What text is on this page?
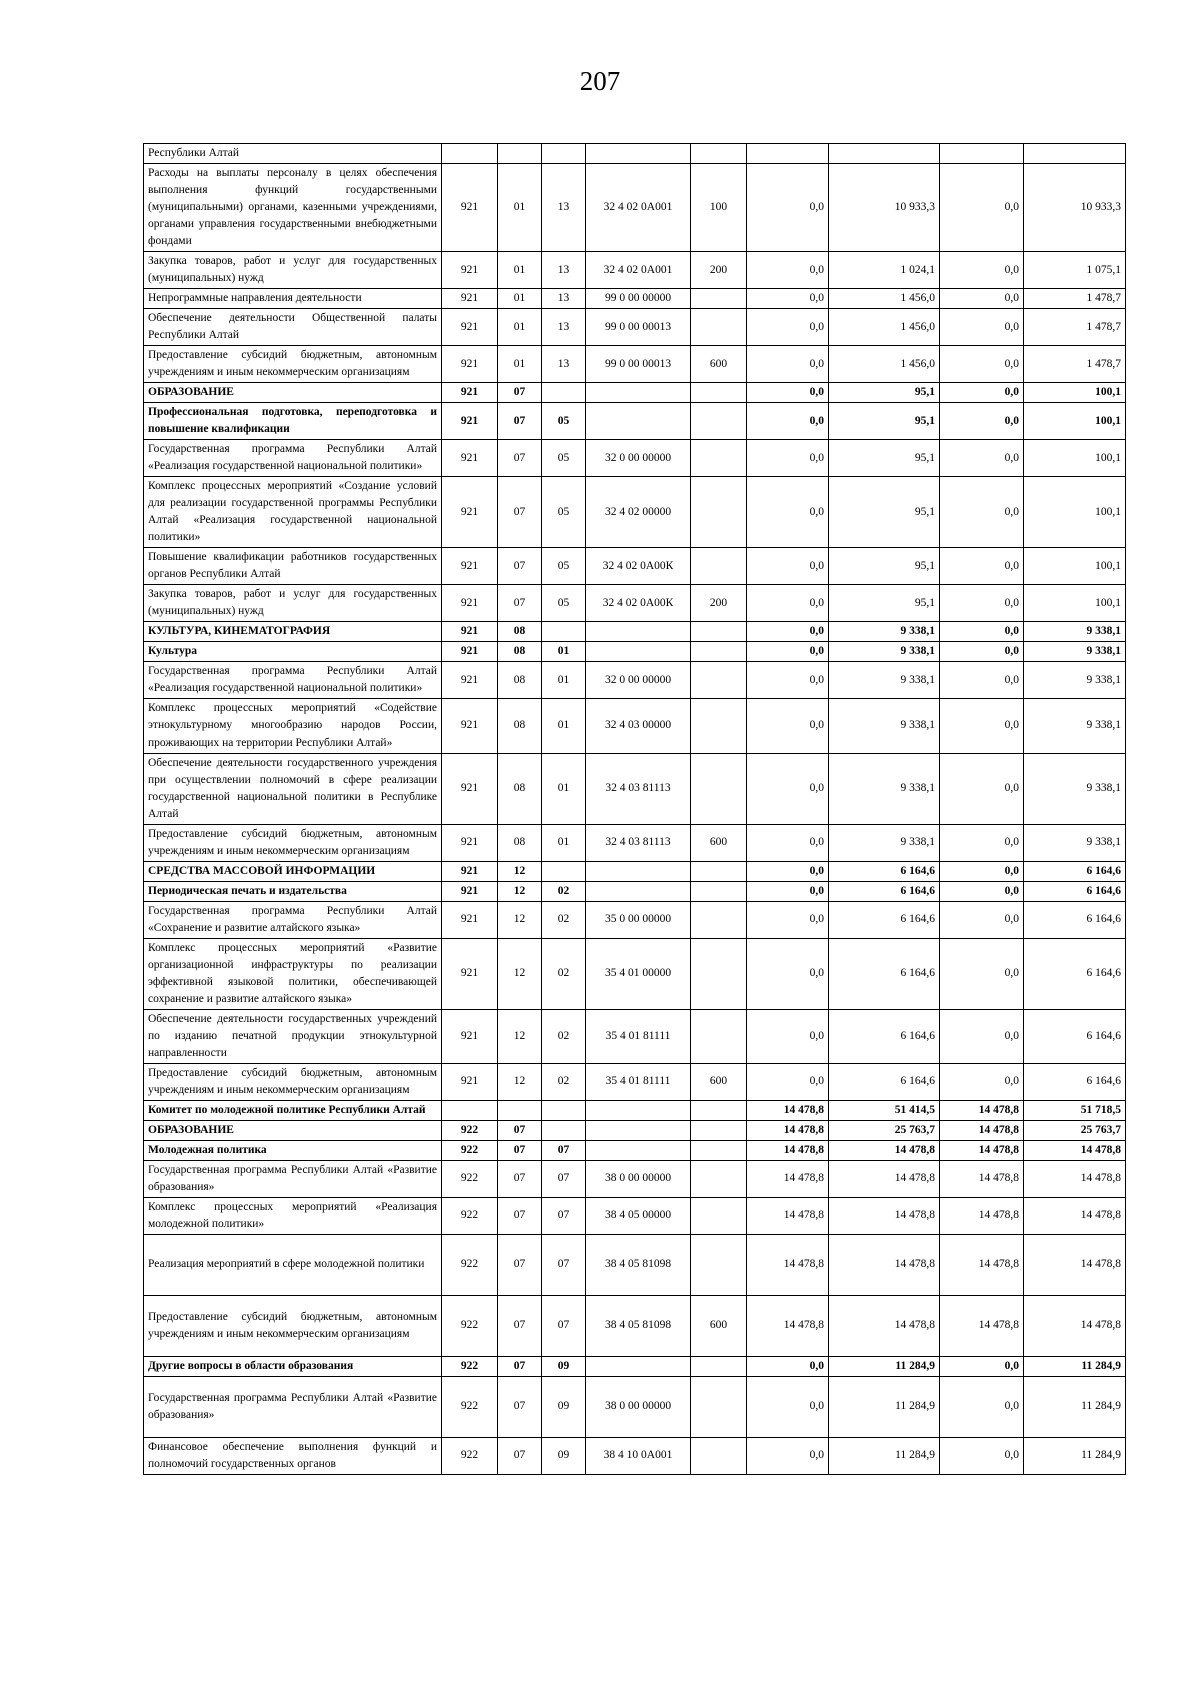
207
Республики Алтай									
Расходы на выплаты персоналу в целях обеспечения выполнения функций государственными (муниципальными) органами, казенными учреждениями, органами управления государственными внебюджетными фондами	921	01	13	32 4 02 0А001	100	0,0	10 933,3	0,0	10 933,3
Закупка товаров, работ и услуг для государственных (муниципальных) нужд	921	01	13	32 4 02 0А001	200	0,0	1 024,1	0,0	1 075,1
Непрограммные направления деятельности	921	01	13	99 0 00 00000		0,0	1 456,0	0,0	1 478,7
Обеспечение деятельности Общественной палаты Республики Алтай	921	01	13	99 0 00 00013		0,0	1 456,0	0,0	1 478,7
Предоставление субсидий бюджетным, автономным учреждениям и иным некоммерческим организациям	921	01	13	99 0 00 00013	600	0,0	1 456,0	0,0	1 478,7
ОБРАЗОВАНИЕ	921	07				0,0	95,1	0,0	100,1
Профессиональная подготовка, переподготовка и повышение квалификации	921	07	05			0,0	95,1	0,0	100,1
Государственная программа Республики Алтай «Реализация государственной национальной политики»	921	07	05	32 0 00 00000		0,0	95,1	0,0	100,1
Комплекс процессных мероприятий «Создание условий для реализации государственной программы Республики Алтай «Реализация государственной национальной политики»	921	07	05	32 4 02 00000		0,0	95,1	0,0	100,1
Повышение квалификации работников государственных органов Республики Алтай	921	07	05	32 4 02 0А00К		0,0	95,1	0,0	100,1
Закупка товаров, работ и услуг для государственных (муниципальных) нужд	921	07	05	32 4 02 0А00К	200	0,0	95,1	0,0	100,1
КУЛЬТУРА, КИНЕМАТОГРАФИЯ	921	08				0,0	9 338,1	0,0	9 338,1
Культура	921	08	01			0,0	9 338,1	0,0	9 338,1
Государственная программа Республики Алтай «Реализация государственной национальной политики»	921	08	01	32 0 00 00000		0,0	9 338,1	0,0	9 338,1
Комплекс процессных мероприятий «Содействие этнокультурному многообразию народов России, проживающих на территории Республики Алтай»	921	08	01	32 4 03 00000		0,0	9 338,1	0,0	9 338,1
Обеспечение деятельности государственного учреждения при осуществлении полномочий в сфере реализации государственной национальной политики в Республике Алтай	921	08	01	32 4 03 81113		0,0	9 338,1	0,0	9 338,1
Предоставление субсидий бюджетным, автономным учреждениям и иным некоммерческим организациям	921	08	01	32 4 03 81113	600	0,0	9 338,1	0,0	9 338,1
СРЕДСТВА МАССОВОЙ ИНФОРМАЦИИ	921	12				0,0	6 164,6	0,0	6 164,6
Периодическая печать и издательства	921	12	02			0,0	6 164,6	0,0	6 164,6
Государственная программа Республики Алтай «Сохранение и развитие алтайского языка»	921	12	02	35 0 00 00000		0,0	6 164,6	0,0	6 164,6
Комплекс процессных мероприятий «Развитие организационной инфраструктуры по реализации эффективной языковой политики, обеспечивающей сохранение и развитие алтайского языка»	921	12	02	35 4 01 00000		0,0	6 164,6	0,0	6 164,6
Обеспечение деятельности государственных учреждений по изданию печатной продукции этнокультурной направленности	921	12	02	35 4 01 81111		0,0	6 164,6	0,0	6 164,6
Предоставление субсидий бюджетным, автономным учреждениям и иным некоммерческим организациям	921	12	02	35 4 01 81111	600	0,0	6 164,6	0,0	6 164,6
Комитет по молодежной политике Республики Алтай						14 478,8	51 414,5	14 478,8	51 718,5
ОБРАЗОВАНИЕ	922	07				14 478,8	25 763,7	14 478,8	25 763,7
Молодежная политика	922	07	07			14 478,8	14 478,8	14 478,8	14 478,8
Государственная программа Республики Алтай «Развитие образования»	922	07	07	38 0 00 00000		14 478,8	14 478,8	14 478,8	14 478,8
Комплекс процессных мероприятий «Реализация молодежной политики»	922	07	07	38 4 05 00000		14 478,8	14 478,8	14 478,8	14 478,8
Реализация мероприятий в сфере молодежной политики	922	07	07	38 4 05 81098		14 478,8	14 478,8	14 478,8	14 478,8
Предоставление субсидий бюджетным, автономным учреждениям и иным некоммерческим организациям	922	07	07	38 4 05 81098	600	14 478,8	14 478,8	14 478,8	14 478,8
Другие вопросы в области образования	922	07	09			0,0	11 284,9	0,0	11 284,9
Государственная программа Республики Алтай «Развитие образования»	922	07	09	38 0 00 00000		0,0	11 284,9	0,0	11 284,9
Финансовое обеспечение выполнения функций и полномочий государственных органов	922	07	09	38 4 10 0А001		0,0	11 284,9	0,0	11 284,9
